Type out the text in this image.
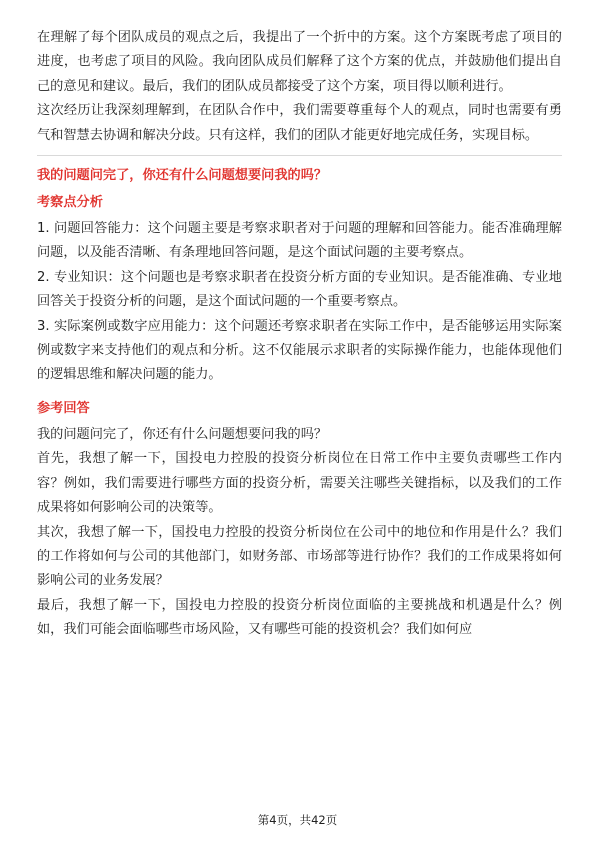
在理解了每个团队成员的观点之后，我提出了一个折中的方案。这个方案既考虑了项目的进度，也考虑了项目的风险。我向团队成员们解释了这个方案的优点，并鼓励他们提出自己的意见和建议。最后，我们的团队成员都接受了这个方案，项目得以顺利进行。

这次经历让我深刻理解到，在团队合作中，我们需要尊重每个人的观点，同时也需要有勇气和智慧去协调和解决分歧。只有这样，我们的团队才能更好地完成任务，实现目标。

我的问题问完了，你还有什么问题想要问我的吗？

考察点分析

1. 问题回答能力：这个问题主要是考察求职者对于问题的理解和回答能力。能否准确理解问题，以及能否清晰、有条理地回答问题，是这个面试问题的主要考察点。

2. 专业知识：这个问题也是考察求职者在投资分析方面的专业知识。是否能准确、专业地回答关于投资分析的问题，是这个面试问题的一个重要考察点。

3. 实际案例或数字应用能力：这个问题还考察求职者在实际工作中，是否能够运用实际案例或数字来支持他们的观点和分析。这不仅能展示求职者的实际操作能力，也能体现他们的逻辑思维和解决问题的能力。

参考回答

我的问题问完了，你还有什么问题想要问我的吗？

首先，我想了解一下，国投电力控股的投资分析岗位在日常工作中主要负责哪些工作内容？例如，我们需要进行哪些方面的投资分析，需要关注哪些关键指标，以及我们的工作成果将如何影响公司的决策等。

其次，我想了解一下，国投电力控股的投资分析岗位在公司中的地位和作用是什么？我们的工作将如何与公司的其他部门，如财务部、市场部等进行协作？我们的工作成果将如何影响公司的业务发展？

最后，我想了解一下，国投电力控股的投资分析岗位面临的主要挑战和机遇是什么？例如，我们可能会面临哪些市场风险，又有哪些可能的投资机会？我们如何应

第4页，共42页
